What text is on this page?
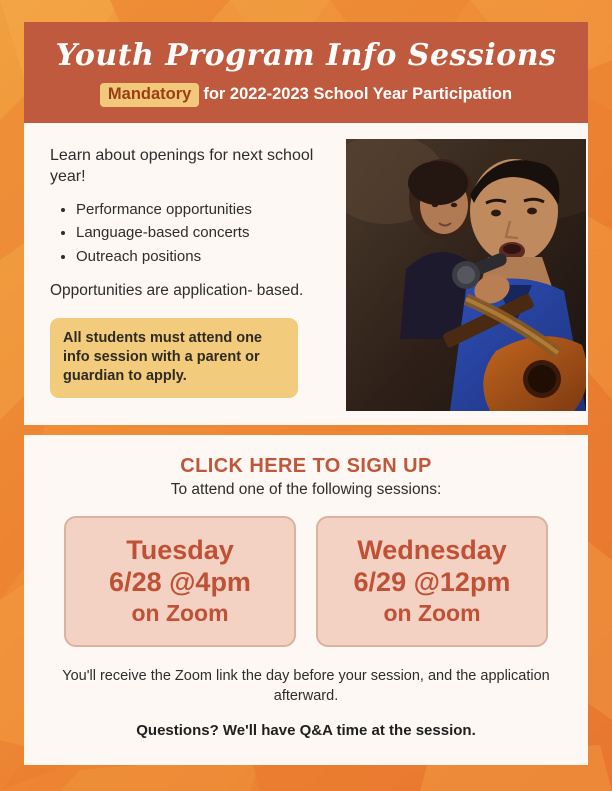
Youth Program Info Sessions
Mandatory for 2022-2023 School Year Participation
Learn about openings for next school year!
• Performance opportunities
• Language-based concerts
• Outreach positions
Opportunities are application- based.
All students must attend one info session with a parent or guardian to apply.
CLICK HERE TO SIGN UP
To attend one of the following sessions:
Tuesday
6/28 @4pm
on Zoom
Wednesday
6/29 @12pm
on Zoom
You'll receive the Zoom link the day before your session, and the application afterward.
Questions? We'll have Q&A time at the session.
